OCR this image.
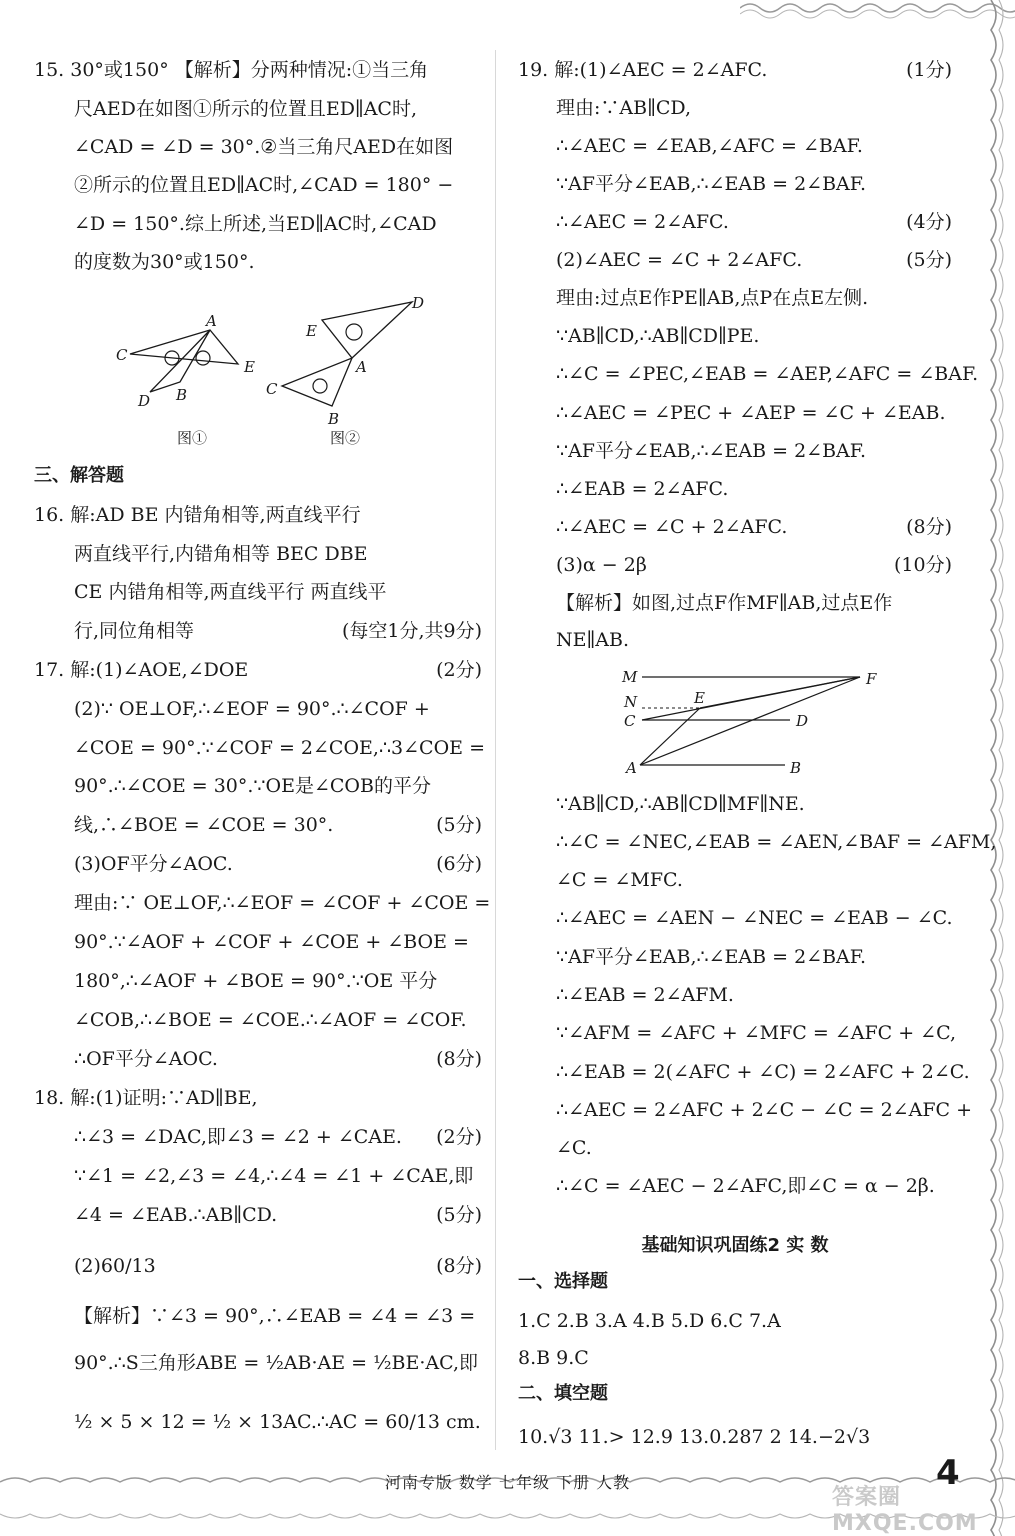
15. 30°或150° 【解析】分两种情况:①当三角
尺AED在如图①所示的位置且ED∥AC时,
∠CAD = ∠D = 30°.②当三角尺AED在如图
②所示的位置且ED∥AC时,∠CAD = 180° −
∠D = 150°.综上所述,当ED∥AC时,∠CAD
的度数为30°或150°.
三、解答题
16. 解:AD BE 内错角相等,两直线平行
两直线平行,内错角相等 BEC DBE
CE 内错角相等,两直线平行 两直线平
行,同位角相等	(每空1分,共9分)
17. 解:(1)∠AOE,∠DOE	(2分)
(2)∵ OE⊥OF,∴∠EOF = 90°.∴∠COF +
∠COE = 90°.∵∠COF = 2∠COE,∴3∠COE =
90°.∴∠COE = 30°.∵OE是∠COB的平分
线,∴∠BOE = ∠COE = 30°.	(5分)
(3)OF平分∠AOC.	(6分)
理由:∵ OE⊥OF,∴∠EOF = ∠COF + ∠COE =
90°.∵∠AOF + ∠COF + ∠COE + ∠BOE =
180°,∴∠AOF + ∠BOE = 90°.∵OE 平分
∠COB,∴∠BOE = ∠COE.∴∠AOF = ∠COF.
∴OF平分∠AOC.	(8分)
18. 解:(1)证明:∵AD∥BE,
∴∠3 = ∠DAC,即∠3 = ∠2 + ∠CAE. (2分)
∵∠1 = ∠2,∠3 = ∠4,∴∠4 = ∠1 + ∠CAE,即
∠4 = ∠EAB.∴AB∥CD.	(5分)
(2)60/13	(8分)
【解析】∵∠3 = 90°,∴∠EAB = ∠4 = ∠3 =
90°.∴S三角形ABE = ½AB·AE = ½BE·AC,即
½ × 5 × 12 = ½ × 13AC.∴AC = 60/13 cm.
19. 解:(1)∠AEC = 2∠AFC.	(1分)
理由:∵AB∥CD,
∴∠AEC = ∠EAB,∠AFC = ∠BAF.
∵AF平分∠EAB,∴∠EAB = 2∠BAF.
∴∠AEC = 2∠AFC.	(4分)
(2)∠AEC = ∠C + 2∠AFC.	(5分)
理由:过点E作PE∥AB,点P在点E左侧.
∵AB∥CD,∴AB∥CD∥PE.
∴∠C = ∠PEC,∠EAB = ∠AEP,∠AFC = ∠BAF.
∴∠AEC = ∠PEC + ∠AEP = ∠C + ∠EAB.
∵AF平分∠EAB,∴∠EAB = 2∠BAF.
∴∠EAB = 2∠AFC.
∴∠AEC = ∠C + 2∠AFC.	(8分)
(3)α − 2β	(10分)
【解析】如图,过点F作MF∥AB,过点E作
NE∥AB.
∵AB∥CD,∴AB∥CD∥MF∥NE.
∴∠C = ∠NEC,∠EAB = ∠AEN,∠BAF = ∠AFM,
∠C = ∠MFC.
∴∠AEC = ∠AEN − ∠NEC = ∠EAB − ∠C.
∵AF平分∠EAB,∴∠EAB = 2∠BAF.
∴∠EAB = 2∠AFM.
∵∠AFM = ∠AFC + ∠MFC = ∠AFC + ∠C,
∴∠EAB = 2(∠AFC + ∠C) = 2∠AFC + 2∠C.
∴∠AEC = 2∠AFC + 2∠C − ∠C = 2∠AFC +
∠C.
∴∠C = ∠AEC − 2∠AFC,即∠C = α − 2β.
基础知识巩固练2 实 数
一、选择题
1.C 2.B 3.A 4.B 5.D 6.C 7.A
8.B 9.C
二、填空题
10.√3 11.> 12.9 13.0.287 2 14.−2√3
A
C
E
D B
图①
D
E
A
C
B
图②
M	F
N	E
C	D
A	B
河南专版 数学 七年级 下册 人教	4
答案圈 MXQE.COM
